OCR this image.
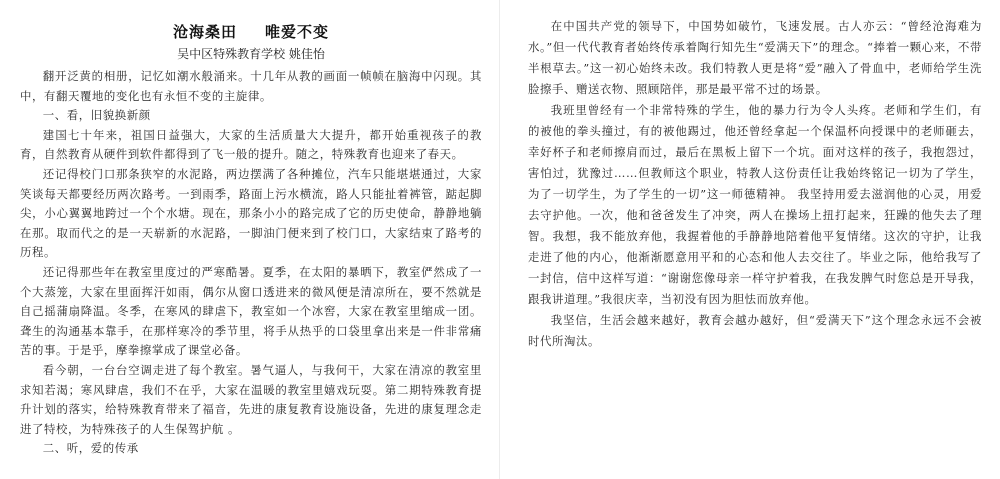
沧海桑田 唯爱不变
吴中区特殊教育学校 姚佳怡

翻开泛黄的相册，记忆如潮水般涌来。十几年从教的画面一帧帧在脑海中闪现。其中，有翻天覆地的变化也有永恒不变的主旋律。

一、看，旧貌换新颜

建国七十年来，祖国日益强大，大家的生活质量大大提升，都开始重视孩子的教育，自然教育从硬件到软件都得到了飞一般的提升。随之，特殊教育也迎来了春天。

还记得校门口那条狭窄的水泥路，两边摆满了各种摊位，汽车只能堪堪通过，大家笑谈每天都要经历两次路考。一到雨季，路面上污水横流，路人只能扯着裤管，踮起脚尖，小心翼翼地跨过一个个水塘。现在，那条小小的路完成了它的历史使命，静静地躺在那。取而代之的是一天崭新的水泥路，一脚油门便来到了校门口，大家结束了路考的历程。

还记得那些年在教室里度过的严寒酷暑。夏季，在太阳的暴晒下，教室俨然成了一个大蒸笼，大家在里面挥汗如雨，偶尔从窗口透进来的微风便是清凉所在，要不然就是自己摇蒲扇降温。冬季，在寒风的肆虐下，教室如一个冰窖，大家在教室里缩成一团。聋生的沟通基本靠手，在那样寒冷的季节里，将手从热乎的口袋里拿出来是一件非常痛苦的事。于是乎，摩拳擦掌成了课堂必备。

看今朝，一台台空调走进了每个教室。暑气逼人，与我何干，大家在清凉的教室里求知若渴；寒风肆虐，我们不在乎，大家在温暖的教室里嬉戏玩耍。第二期特殊教育提升计划的落实，给特殊教育带来了福音，先进的康复教育设施设备，先进的康复理念走进了特校，为特殊孩子的人生保驾护航 。

二、听，爱的传承

在中国共产党的领导下，中国势如破竹，飞速发展。古人亦云：“曾经沧海难为水。”但一代代教育者始终传承着陶行知先生“爱满天下”的理念。“捧着一颗心来，不带半根草去。”这一初心始终未改。我们特教人更是将“爱”融入了骨血中，老师给学生洗脸擦手、赠送衣物、照顾陪伴，那是最平常不过的场景。

我班里曾经有一个非常特殊的学生，他的暴力行为令人头疼。老师和学生们，有的被他的拳头撞过，有的被他踢过，他还曾经拿起一个保温杯向授课中的老师砸去，幸好杯子和老师擦肩而过，最后在黑板上留下一个坑。面对这样的孩子，我抱怨过，害怕过，犹豫过……但教师这个职业，特教人这份责任让我始终铭记一切为了学生，为了一切学生，为了学生的一切”这一师德精神。 我坚持用爱去滋润他的心灵，用爱去守护他。一次，他和爸爸发生了冲突，两人在操场上扭打起来，狂躁的他失去了理智。我想，我不能放弃他，我握着他的手静静地陪着他平复情绪。这次的守护，让我走进了他的内心，他渐渐愿意用平和的心态和他人去交往了。毕业之际，他给我写了一封信，信中这样写道：“谢谢您像母亲一样守护着我，在我发脾气时您总是开导我，跟我讲道理。”我很庆幸，当初没有因为胆怯而放弃他。

我坚信，生活会越来越好，教育会越办越好，但“爱满天下”这个理念永远不会被时代所淘汰。
